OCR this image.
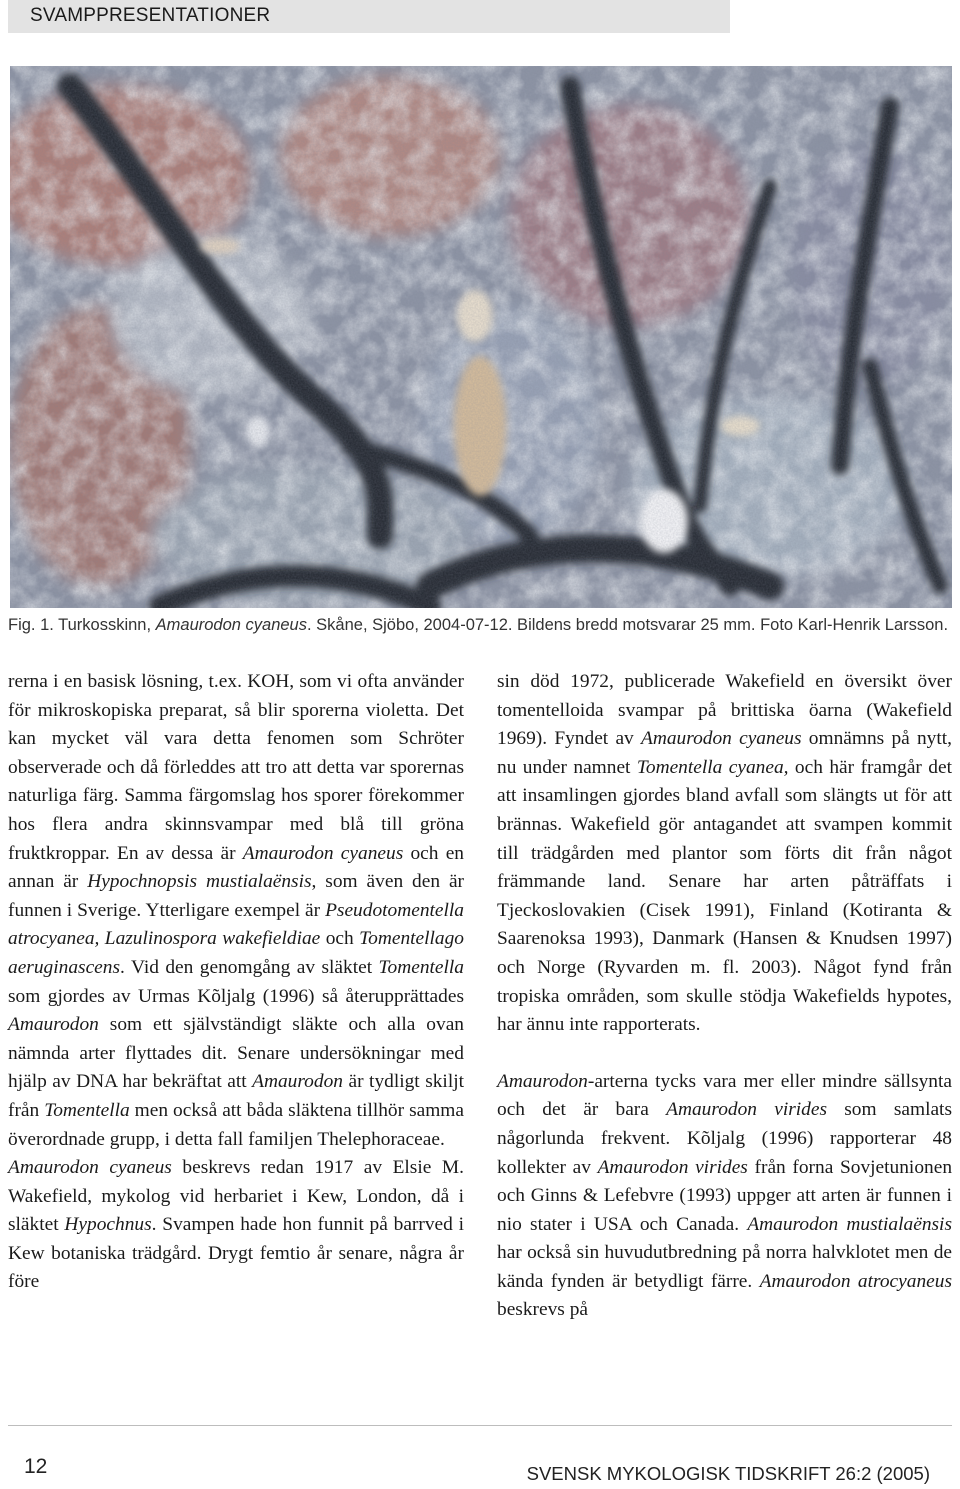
SVAMPPRESENTATIONER
Fig. 1. Turkosskinn, Amaurodon cyaneus. Skåne, Sjöbo, 2004-07-12. Bildens bredd motsvarar 25 mm. Foto Karl-Henrik Larsson.

rerna i en basisk lösning, t.ex. KOH, som vi ofta använder för mikroskopiska preparat, så blir sporerna violetta. Det kan mycket väl vara detta fenomen som Schröter observerade och då förleddes att tro att detta var sporernas naturliga färg. Samma färgomslag hos sporer förekommer hos flera andra skinnsvampar med blå till gröna fruktkroppar. En av dessa är Amaurodon cyaneus och en annan är Hypochnopsis mustialaënsis, som även den är funnen i Sverige. Ytterligare exempel är Pseudotomentella atrocyanea, Lazulinospora wakefieldiae och Tomentellago aeruginascens. Vid den genomgång av släktet Tomentella som gjordes av Urmas Kõljalg (1996) så återupprättades Amaurodon som ett självständigt släkte och alla ovan nämnda arter flyttades dit. Senare undersökningar med hjälp av DNA har bekräftat att Amaurodon är tydligt skiljt från Tomentella men också att båda släktena tillhör samma överordnade grupp, i detta fall familjen Thelephoraceae.

Amaurodon cyaneus beskrevs redan 1917 av Elsie M. Wakefield, mykolog vid herbariet i Kew, London, då i släktet Hypochnus. Svampen hade hon funnit på barrved i Kew botaniska trädgård. Drygt femtio år senare, några år före

sin död 1972, publicerade Wakefield en översikt över tomentelloida svampar på brittiska öarna (Wakefield 1969). Fyndet av Amaurodon cyaneus omnämns på nytt, nu under namnet Tomentella cyanea, och här framgår det att insamlingen gjordes bland avfall som slängts ut för att brännas. Wakefield gör antagandet att svampen kommit till trädgården med plantor som förts dit från något främmande land. Senare har arten påträffats i Tjeckoslovakien (Cisek 1991), Finland (Kotiranta & Saarenoksa 1993), Danmark (Hansen & Knudsen 1997) och Norge (Ryvarden m. fl. 2003). Något fynd från tropiska områden, som skulle stödja Wakefields hypotes, har ännu inte rapporterats.

Amaurodon-arterna tycks vara mer eller mindre sällsynta och det är bara Amaurodon virides som samlats någorlunda frekvent. Kõljalg (1996) rapporterar 48 kollekter av Amaurodon virides från forna Sovjetunionen och Ginns & Lefebvre (1993) uppger att arten är funnen i nio stater i USA och Canada. Amaurodon mustialaënsis har också sin huvudutbredning på norra halvklotet men de kända fynden är betydligt färre. Amaurodon atrocyaneus beskrevs på

12	SVENSK MYKOLOGISK TIDSKRIFT 26:2 (2005)
